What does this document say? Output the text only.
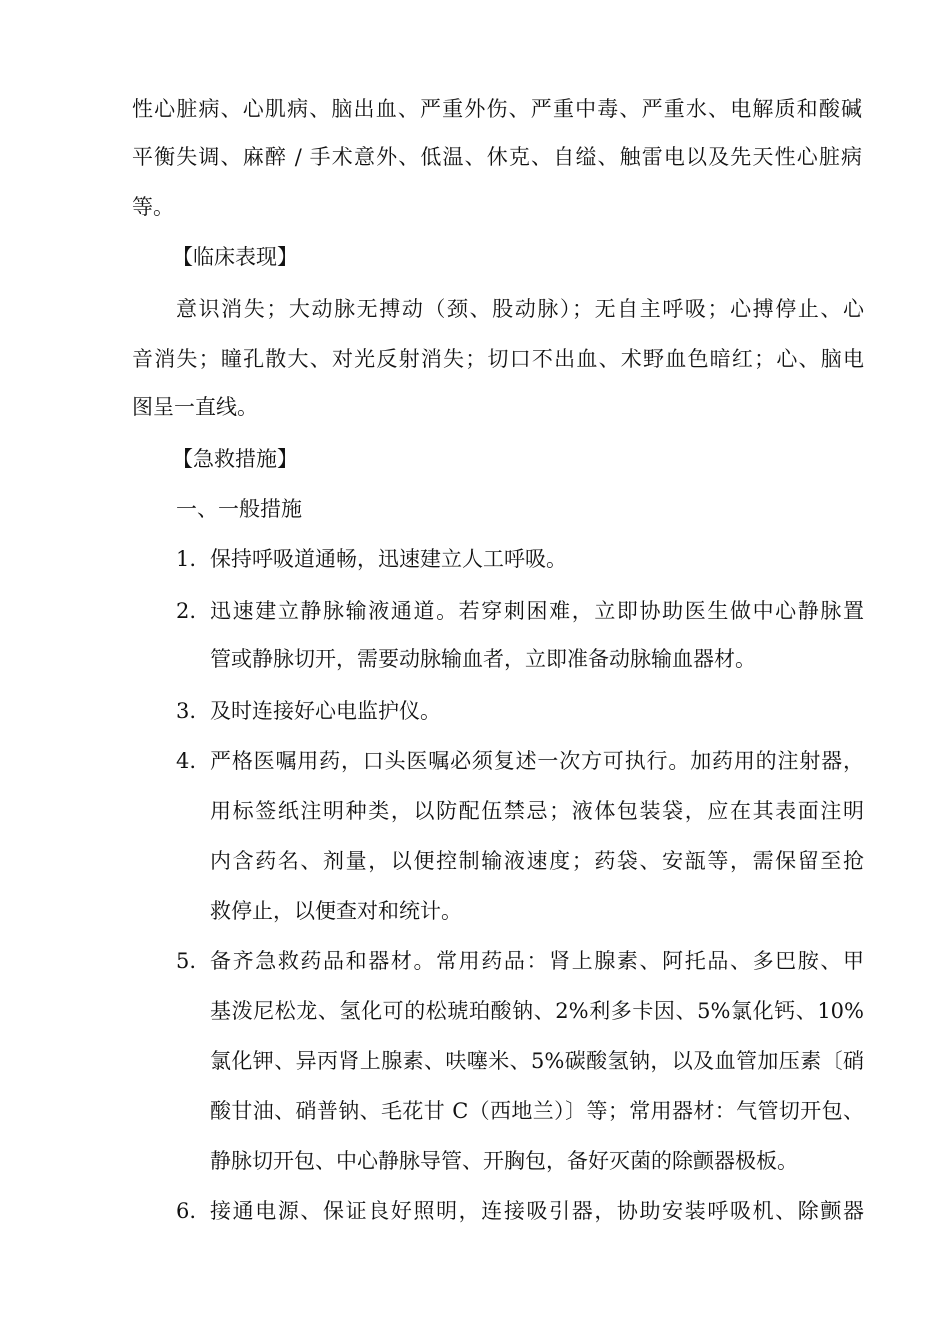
性心脏病、心肌病、脑出血、严重外伤、严重中毒、严重水、电解质和酸碱
平衡失调、麻醉 / 手术意外、低温、休克、自缢、触雷电以及先天性心脏病
等。
【临床表现】
意识消失；大动脉无搏动（颈、股动脉）；无自主呼吸；心搏停止、心
音消失；瞳孔散大、对光反射消失；切口不出血、术野血色暗红；心、脑电
图呈一直线。
【急救措施】
一、一般措施
1. 保持呼吸道通畅，迅速建立人工呼吸。
2. 迅速建立静脉输液通道。若穿刺困难，立即协助医生做中心静脉置
管或静脉切开，需要动脉输血者，立即准备动脉输血器材。
3. 及时连接好心电监护仪。
4. 严格医嘱用药，口头医嘱必须复述一次方可执行。加药用的注射器，
用标签纸注明种类，以防配伍禁忌；液体包装袋，应在其表面注明
内含药名、剂量，以便控制输液速度；药袋、安瓿等，需保留至抢
救停止，以便查对和统计。
5. 备齐急救药品和器材。常用药品：肾上腺素、阿托品、多巴胺、甲
基泼尼松龙、氢化可的松琥珀酸钠、2%利多卡因、5%氯化钙、10%
氯化钾、异丙肾上腺素、呋噻米、5%碳酸氢钠，以及血管加压素〔硝
酸甘油、硝普钠、毛花甘 C（西地兰）〕等；常用器材：气管切开包、
静脉切开包、中心静脉导管、开胸包，备好灭菌的除颤器极板。
6. 接通电源、保证良好照明，连接吸引器，协助安装呼吸机、除颤器
